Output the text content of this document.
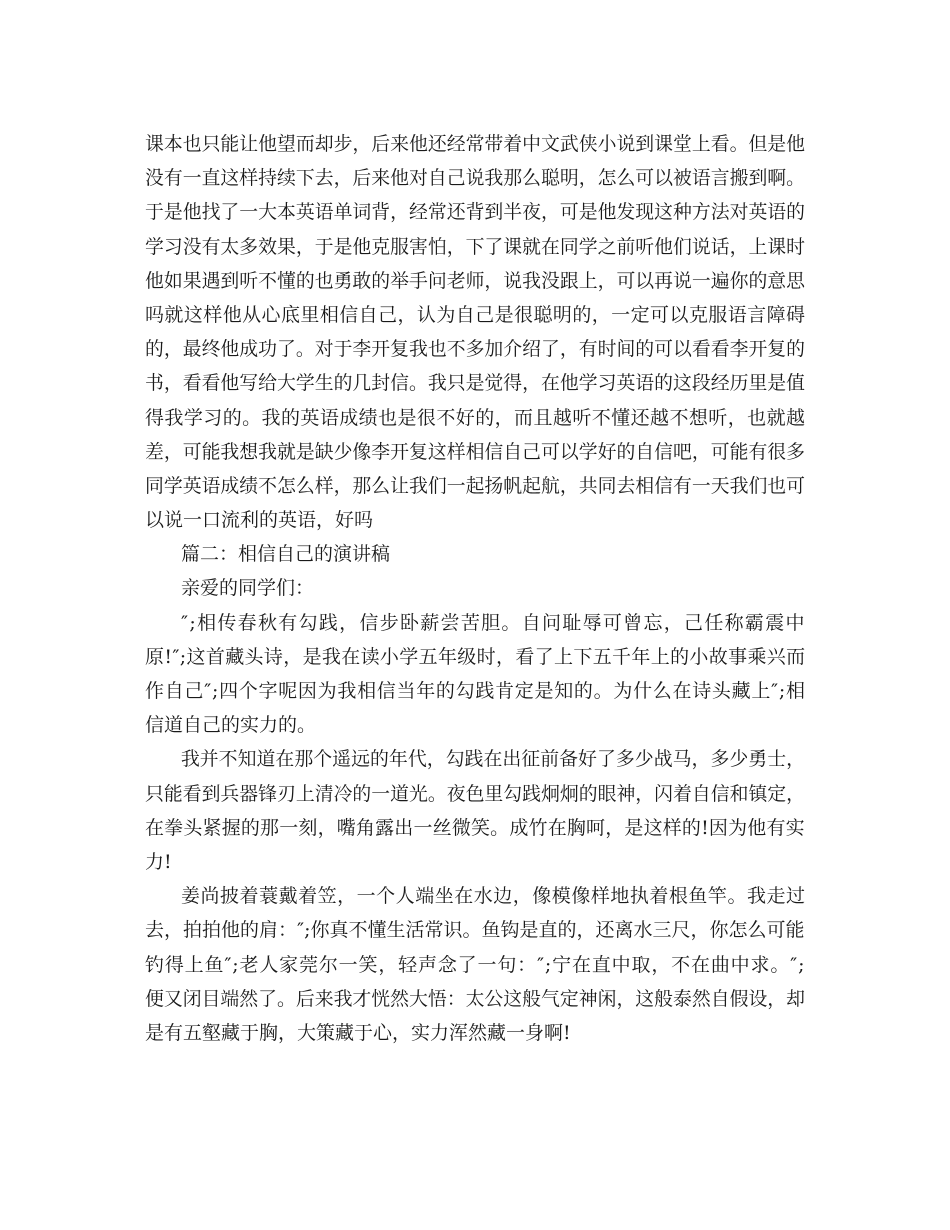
课本也只能让他望而却步，后来他还经常带着中文武侠小说到课堂上看。但是他
没有一直这样持续下去，后来他对自己说我那么聪明，怎么可以被语言搬到啊。
于是他找了一大本英语单词背，经常还背到半夜，可是他发现这种方法对英语的
学习没有太多效果，于是他克服害怕，下了课就在同学之前听他们说话，上课时
他如果遇到听不懂的也勇敢的举手问老师，说我没跟上，可以再说一遍你的意思
吗就这样他从心底里相信自己，认为自己是很聪明的，一定可以克服语言障碍
的，最终他成功了。对于李开复我也不多加介绍了，有时间的可以看看李开复的
书，看看他写给大学生的几封信。我只是觉得，在他学习英语的这段经历里是值
得我学习的。我的英语成绩也是很不好的，而且越听不懂还越不想听，也就越
差，可能我想我就是缺少像李开复这样相信自己可以学好的自信吧，可能有很多
同学英语成绩不怎么样，那么让我们一起扬帆起航，共同去相信有一天我们也可
以说一口流利的英语，好吗
篇二：相信自己的演讲稿
亲爱的同学们：
″;相传春秋有勾践，信步卧薪尝苦胆。自问耻辱可曾忘，己任称霸震中
原!″;这首藏头诗，是我在读小学五年级时，看了上下五千年上的小故事乘兴而
作自己″;四个字呢因为我相信当年的勾践肯定是知的。为什么在诗头藏上″;相
信道自己的实力的。
我并不知道在那个遥远的年代，勾践在出征前备好了多少战马，多少勇士，
只能看到兵器锋刃上清冷的一道光。夜色里勾践炯炯的眼神，闪着自信和镇定，
在拳头紧握的那一刻，嘴角露出一丝微笑。成竹在胸呵，是这样的!因为他有实
力!
姜尚披着蓑戴着笠，一个人端坐在水边，像模像样地执着根鱼竿。我走过
去，拍拍他的肩：″;你真不懂生活常识。鱼钩是直的，还离水三尺，你怎么可能
钓得上鱼″;老人家莞尔一笑，轻声念了一句：″;宁在直中取，不在曲中求。″;
便又闭目端然了。后来我才恍然大悟：太公这般气定神闲，这般泰然自假设，却
是有五壑藏于胸，大策藏于心，实力浑然藏一身啊!
